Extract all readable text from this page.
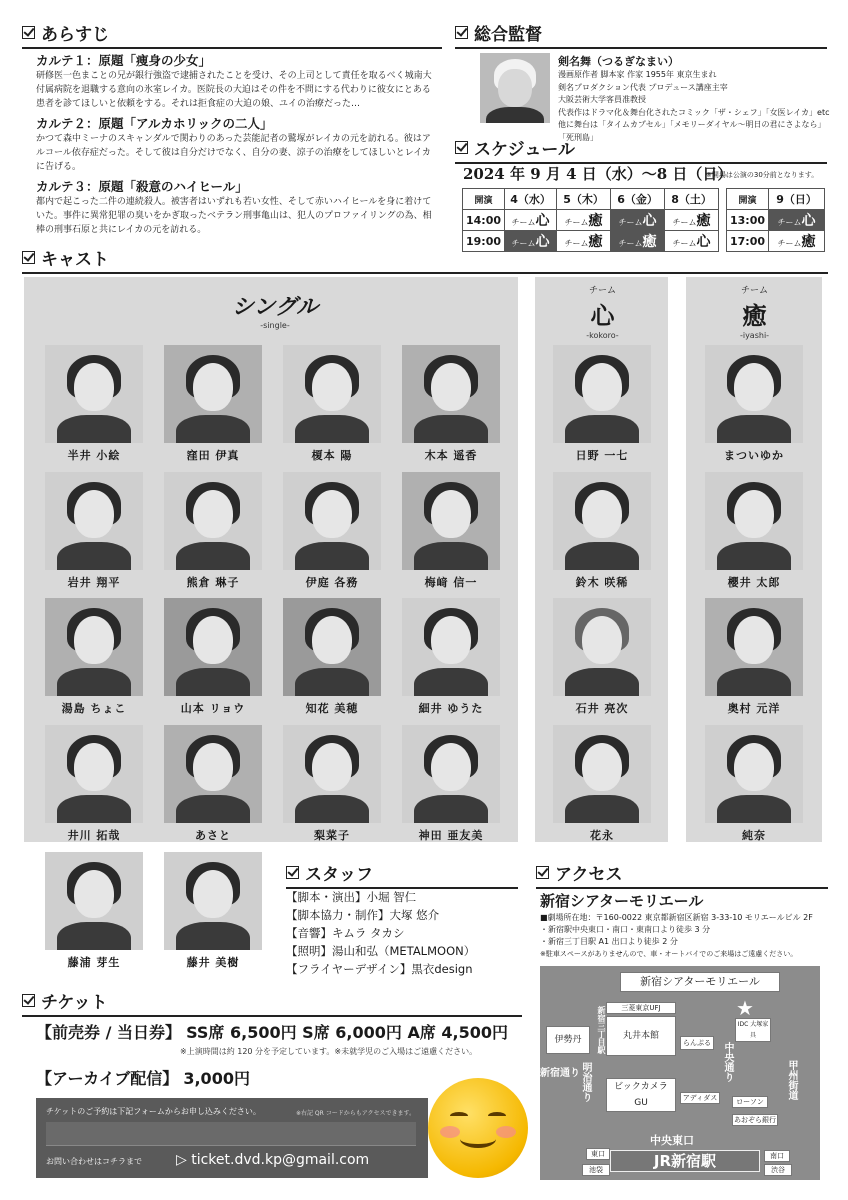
あらすじ
カルテ１：原題「痩身の少女」
研修医一色まことの兄が銀行強盗で逮捕されたことを受け、その上司として責任を取るべく城南大付属病院を退職する意向の氷室レイカ。医院長の大迫はその件を不問にする代わりに彼女にとある患者を診てほしいと依頼をする。それは拒食症の大迫の娘、ユイの治療だった…
カルテ２：原題「アルカホリックの二人」
かつて森中ミーナのスキャンダルで関わりのあった芸能記者の鷲塚がレイカの元を訪れる。彼はアルコール依存症だった。そして彼は自分だけでなく、自分の妻、涼子の治療をしてほしいとレイカに告げる。
カルテ３：原題「殺意のハイヒール」
都内で起こった二件の連続殺人。被害者はいずれも若い女性、そして赤いハイヒールを身に着けていた。事件に異常犯罪の臭いをかぎ取ったベテラン刑事亀山は、犯人のプロファイリングの為、相棒の刑事石原と共にレイカの元を訪れる。
総合監督
剣名舞（つるぎなまい）
漫画原作者 脚本家 作家 1955年 東京生まれ
剣名プロダクション代表 プロデュース講座主宰
大阪芸術大学客員准教授
代表作はドラマ化＆舞台化されたコミック「ザ・シェフ」「女医レイカ」etc 他に舞台は「タイムカプセル」「メモリーダイヤル〜明日の君にさよなら」「死刑島」
スケジュール
2024 年 9 月 4 日（水）〜8 日（日）
※開場は公演の30分前となります。
開演	4（水）	5（木）	6（金）	8（土）
14:00	チーム心	チーム癒	チーム心	チーム癒
19:00	チーム心	チーム癒	チーム癒	チーム心
開演	9（日）
13:00	チーム心
17:00	チーム癒
キャスト
シングル
-single-
チーム
心
-kokoro-
チーム
癒
-iyashi-
半井 小絵	窪田 伊真	榎本 陽	木本 遥香
岩井 翔平	熊倉 琳子	伊庭 各務	梅﨑 信一
湯島 ちょこ	山本 リョウ	知花 美穂	細井 ゆうた
井川 拓哉	あさと	梨菜子	神田 亜友美
藤浦 芽生	藤井 美樹
日野 一七
鈴木 咲稀
石井 亮次
花永
まついゆか
櫻井 太郎
奥村 元洋
純奈
スタッフ
【脚本・演出】小堀 智仁
【脚本協力・制作】大塚 悠介
【音響】キムラ タカシ
【照明】湯山和弘（METALMOON）
【フライヤーデザイン】黒衣design
アクセス
新宿シアターモリエール
■劇場所在地：〒160-0022 東京都新宿区新宿 3-33-10 モリエールビル 2F
・新宿駅中央東口・南口・東南口より徒歩 3 分
・新宿三丁目駅 A1 出口より徒歩 2 分
※駐車スペースがありませんので、車・オートバイでのご来場はご遠慮ください。
新宿シアターモリエール
伊勢丹	丸井本館
三菱東京UFJ
らんぷる
IDC 大塚家具
ビックカメラ GU	アディダス	ローソン
あおぞら銀行
中央東口
JR新宿駅
東口
池袋	渋谷
南口
新宿三丁目駅
新宿通り 明治通り	中央通り	甲州街道
★
チケット
【前売券 / 当日券】 SS席 6,500円 S席 6,000円 A席 4,500円
※上演時間は約 120 分を予定しています。※未就学児のご入場はご遠慮ください。
【アーカイブ配信】 3,000円
チケットのご予約は下記フォームからお申し込みください。	※右記 QR コードからもアクセスできます。
お問い合わせはコチラまで ▷ ticket.dvd.kp@gmail.com
